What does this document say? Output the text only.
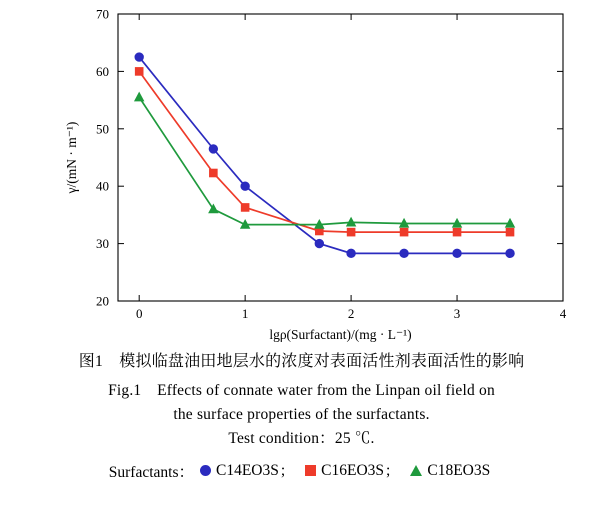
20
30
40
50
60
70
0	1	2	3	4
lgρ(Surfactant)/(mg · L⁻¹)
γ/(mN · m⁻¹)
图1　模拟临盘油田地层水的浓度对表面活性剂表面活性的影响
Fig.1　Effects of connate water from the Linpan oil field on
the surface properties of the surfactants.
Test condition：25 ℃.
Surfactants： C14EO3S ; C16EO3S ; C18EO3S
